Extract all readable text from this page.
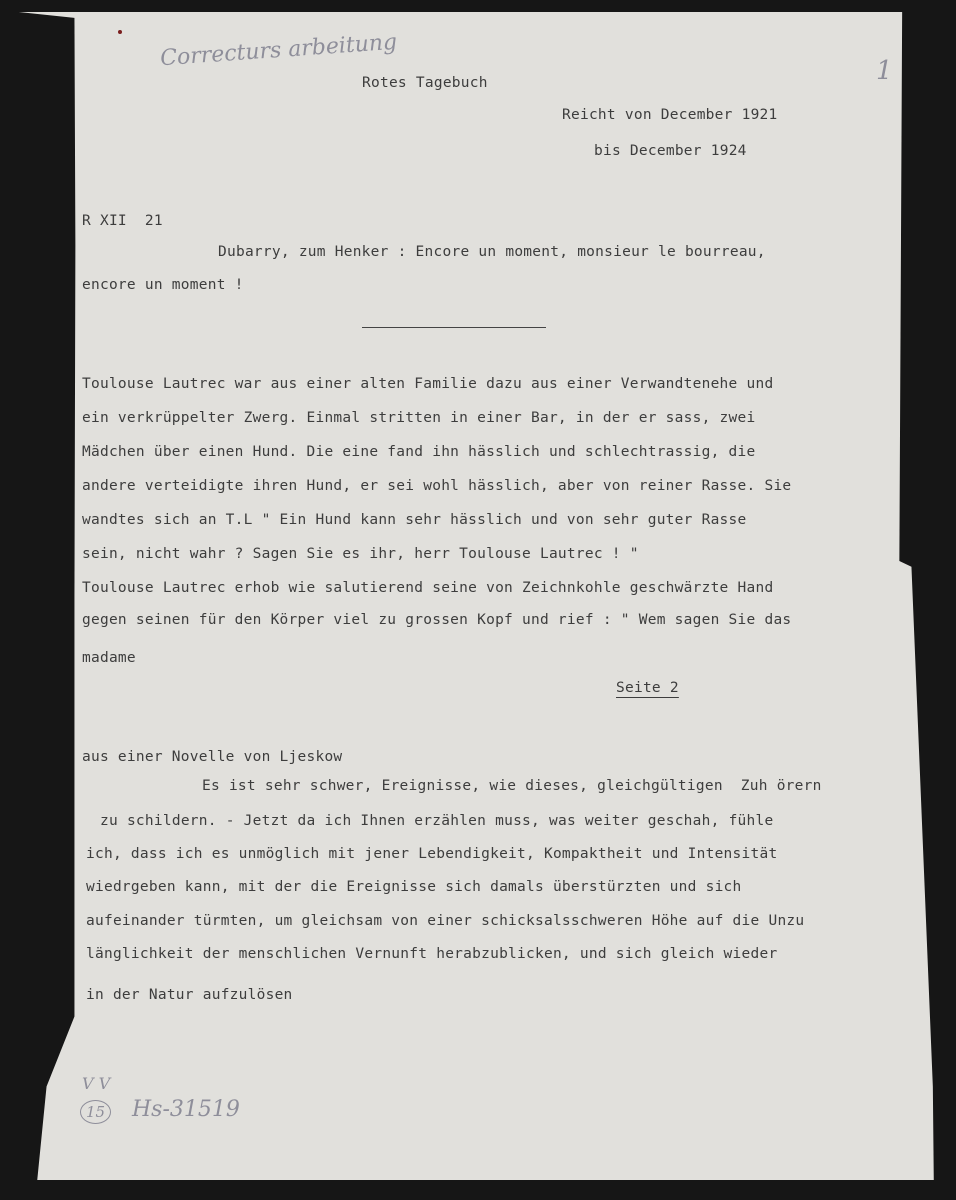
Correcturs arbeitung	1
Rotes Tagebuch
Reicht von December 1921
bis December 1924
R XII  21
Dubarry, zum Henker : Encore un moment, monsieur le bourreau,
encore un moment !
Toulouse Lautrec war aus einer alten Familie dazu aus einer Verwandtenehe und
ein verkrüppelter Zwerg. Einmal stritten in einer Bar, in der er sass, zwei
Mädchen über einen Hund. Die eine fand ihn hässlich und schlechtrassig, die
andere verteidigte ihren Hund, er sei wohl hässlich, aber von reiner Rasse. Sie
wandtes sich an T.L " Ein Hund kann sehr hässlich und von sehr guter Rasse
sein, nicht wahr ? Sagen Sie es ihr, herr Toulouse Lautrec ! "
Toulouse Lautrec erhob wie salutierend seine von Zeichnkohle geschwärzte Hand
gegen seinen für den Körper viel zu grossen Kopf und rief : " Wem sagen Sie das
madame
Seite 2
aus einer Novelle von Ljeskow
Es ist sehr schwer, Ereignisse, wie dieses, gleichgültigen  Zuh örern
zu schildern. - Jetzt da ich Ihnen erzählen muss, was weiter geschah, fühle
ich, dass ich es unmöglich mit jener Lebendigkeit, Kompaktheit und Intensität
wiedrgeben kann, mit der die Ereignisse sich damals überstürzten und sich
aufeinander türmten, um gleichsam von einer schicksalsschweren Höhe auf die Unzu
länglichkeit der menschlichen Vernunft herabzublicken, und sich gleich wieder
in der Natur aufzulösen
V V
15 Hs-31519
